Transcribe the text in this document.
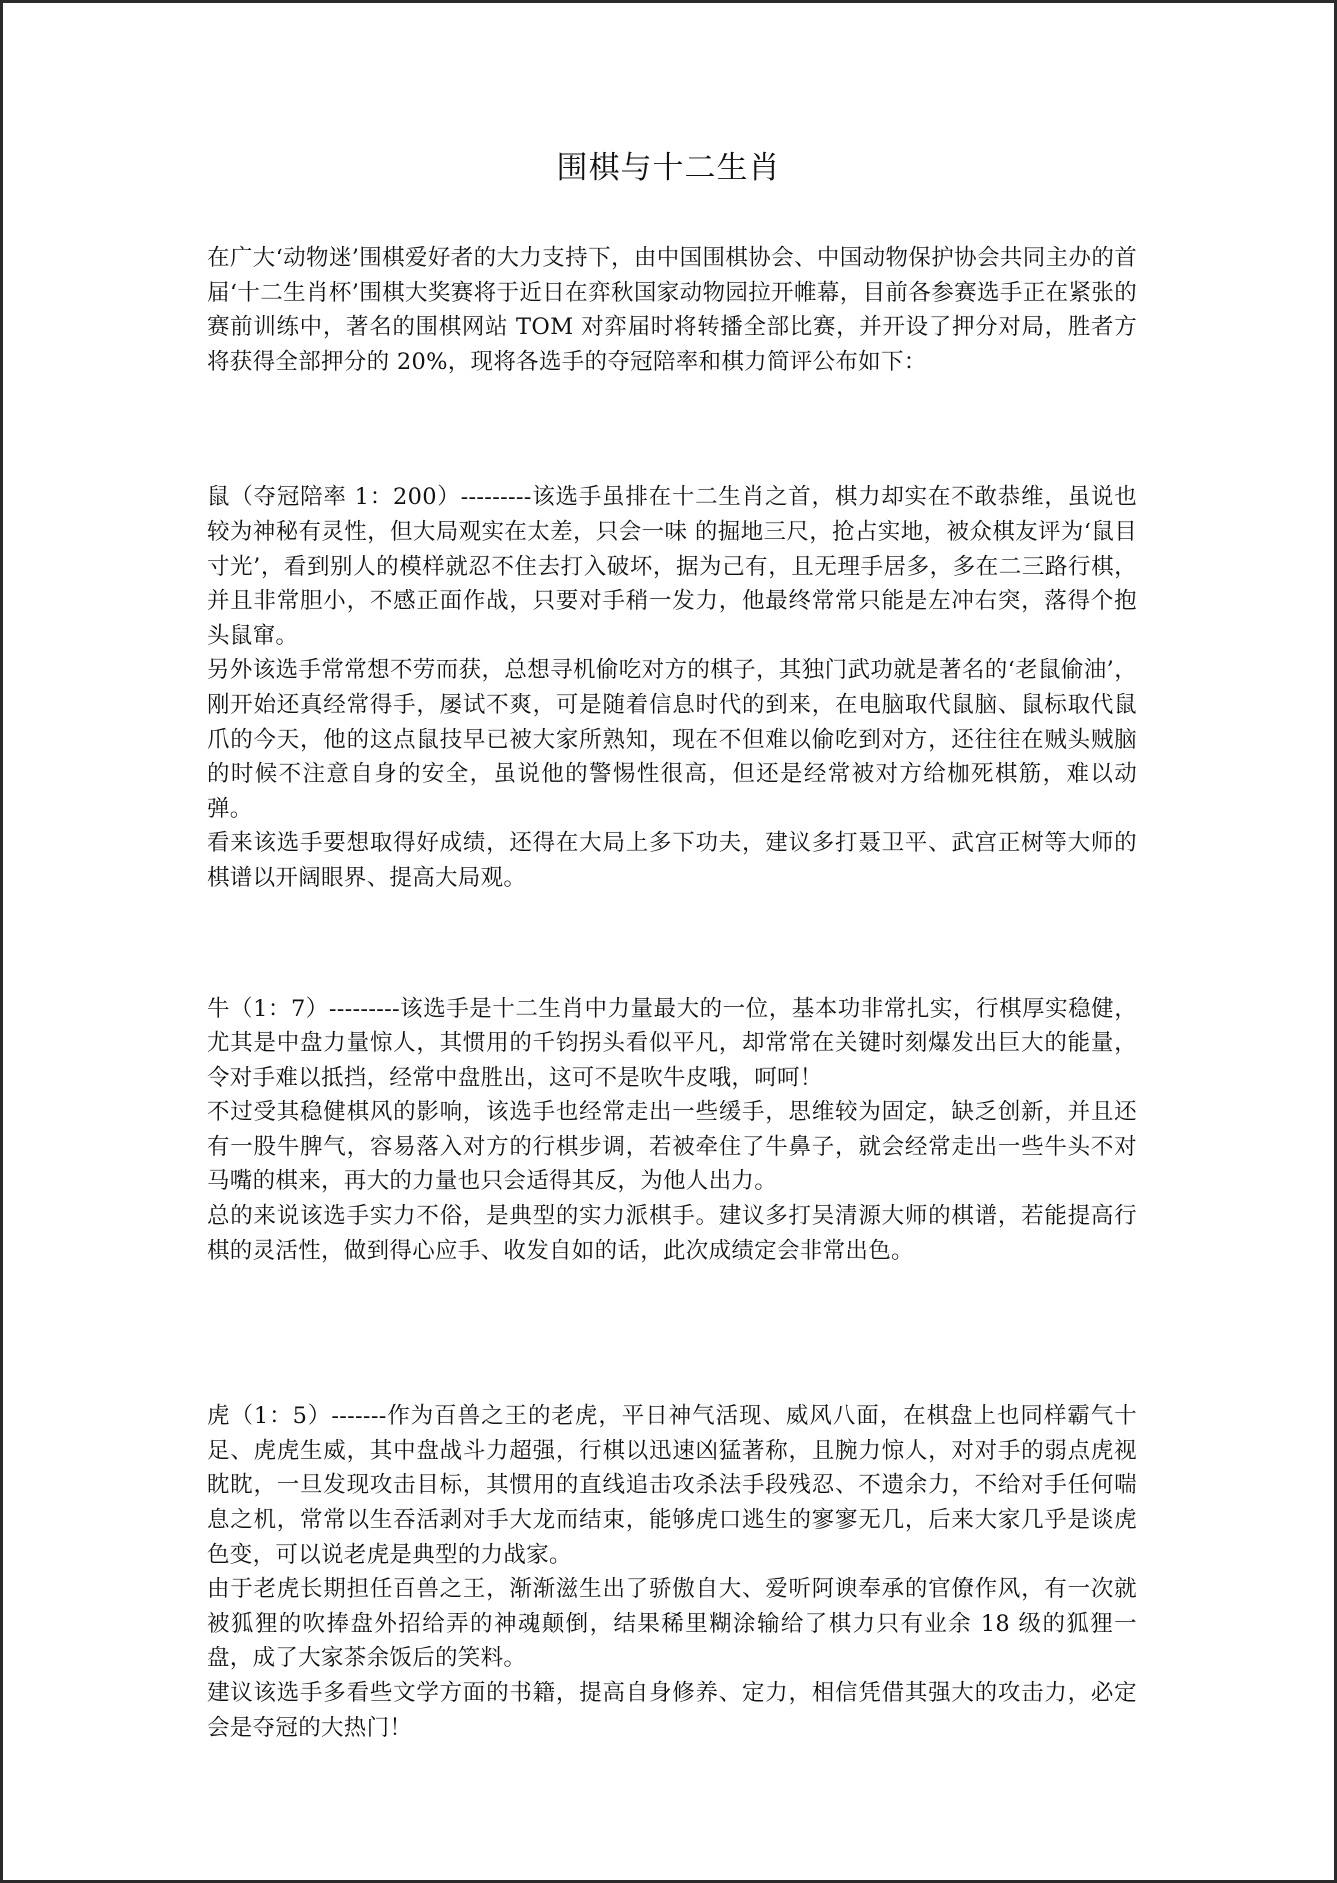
围棋与十二生肖

在广大‘动物迷’围棋爱好者的大力支持下，由中国围棋协会、中国动物保护协会共同主办的首届‘十二生肖杯’围棋大奖赛将于近日在弈秋国家动物园拉开帷幕，目前各参赛选手正在紧张的赛前训练中，著名的围棋网站 TOM 对弈届时将转播全部比赛，并开设了押分对局，胜者方将获得全部押分的 20%，现将各选手的夺冠陪率和棋力简评公布如下：

鼠（夺冠陪率 1：200）---------该选手虽排在十二生肖之首，棋力却实在不敢恭维，虽说也较为神秘有灵性，但大局观实在太差，只会一味 的掘地三尺，抢占实地，被众棋友评为‘鼠目寸光’，看到别人的模样就忍不住去打入破坏，据为己有，且无理手居多，多在二三路行棋，并且非常胆小，不感正面作战，只要对手稍一发力，他最终常常只能是左冲右突，落得个抱头鼠窜。

另外该选手常常想不劳而获，总想寻机偷吃对方的棋子，其独门武功就是著名的‘老鼠偷油’，刚开始还真经常得手，屡试不爽，可是随着信息时代的到来，在电脑取代鼠脑、鼠标取代鼠爪的今天，他的这点鼠技早已被大家所熟知，现在不但难以偷吃到对方，还往往在贼头贼脑的时候不注意自身的安全，虽说他的警惕性很高，但还是经常被对方给枷死棋筋，难以动弹。

看来该选手要想取得好成绩，还得在大局上多下功夫，建议多打聂卫平、武宫正树等大师的棋谱以开阔眼界、提高大局观。

牛（1：7）---------该选手是十二生肖中力量最大的一位，基本功非常扎实，行棋厚实稳健，尤其是中盘力量惊人，其惯用的千钧拐头看似平凡，却常常在关键时刻爆发出巨大的能量，令对手难以抵挡，经常中盘胜出，这可不是吹牛皮哦，呵呵！

不过受其稳健棋风的影响，该选手也经常走出一些缓手，思维较为固定，缺乏创新，并且还有一股牛脾气，容易落入对方的行棋步调，若被牵住了牛鼻子，就会经常走出一些牛头不对马嘴的棋来，再大的力量也只会适得其反，为他人出力。

总的来说该选手实力不俗，是典型的实力派棋手。建议多打吴清源大师的棋谱，若能提高行棋的灵活性，做到得心应手、收发自如的话，此次成绩定会非常出色。

虎（1：5）-------作为百兽之王的老虎，平日神气活现、威风八面，在棋盘上也同样霸气十足、虎虎生威，其中盘战斗力超强，行棋以迅速凶猛著称，且腕力惊人，对对手的弱点虎视眈眈，一旦发现攻击目标，其惯用的直线追击攻杀法手段残忍、不遗余力，不给对手任何喘息之机，常常以生吞活剥对手大龙而结束，能够虎口逃生的寥寥无几，后来大家几乎是谈虎色变，可以说老虎是典型的力战家。

由于老虎长期担任百兽之王，渐渐滋生出了骄傲自大、爱听阿谀奉承的官僚作风，有一次就被狐狸的吹捧盘外招给弄的神魂颠倒，结果稀里糊涂输给了棋力只有业余 18 级的狐狸一盘，成了大家茶余饭后的笑料。

建议该选手多看些文学方面的书籍，提高自身修养、定力，相信凭借其强大的攻击力，必定会是夺冠的大热门！
